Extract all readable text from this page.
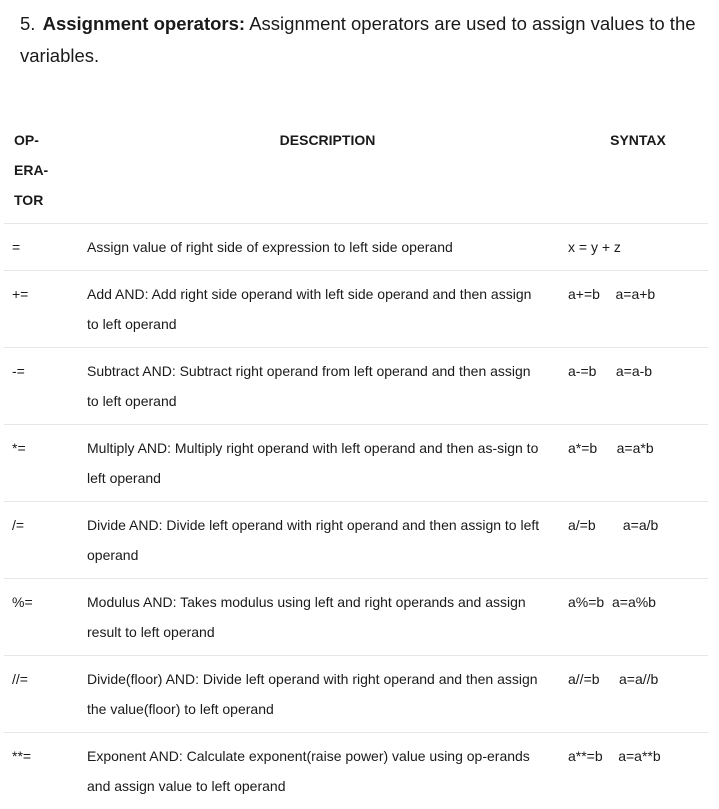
5. Assignment operators: Assignment operators are used to assign values to the variables.
OP-
ERA-
TOR	DESCRIPTION	SYNTAX
=	Assign value of right side of expression to left side operand	x = y + z
+=	Add AND: Add right side operand with left side operand and then assign to left operand	a+=b    a=a+b
-=	Subtract AND: Subtract right operand from left operand and then assign to left operand	a-=b     a=a-b
*=	Multiply AND: Multiply right operand with left operand and then as-sign to left operand	a*=b     a=a*b
/=	Divide AND: Divide left operand with right operand and then assign to left operand	a/=b       a=a/b
%=	Modulus AND: Takes modulus using left and right operands and assign result to left operand	a%=b  a=a%b
//=	Divide(floor) AND: Divide left operand with right operand and then assign the value(floor) to left operand	a//=b     a=a//b
**=	Exponent AND: Calculate exponent(raise power) value using op-erands and assign value to left operand	a**=b    a=a**b
